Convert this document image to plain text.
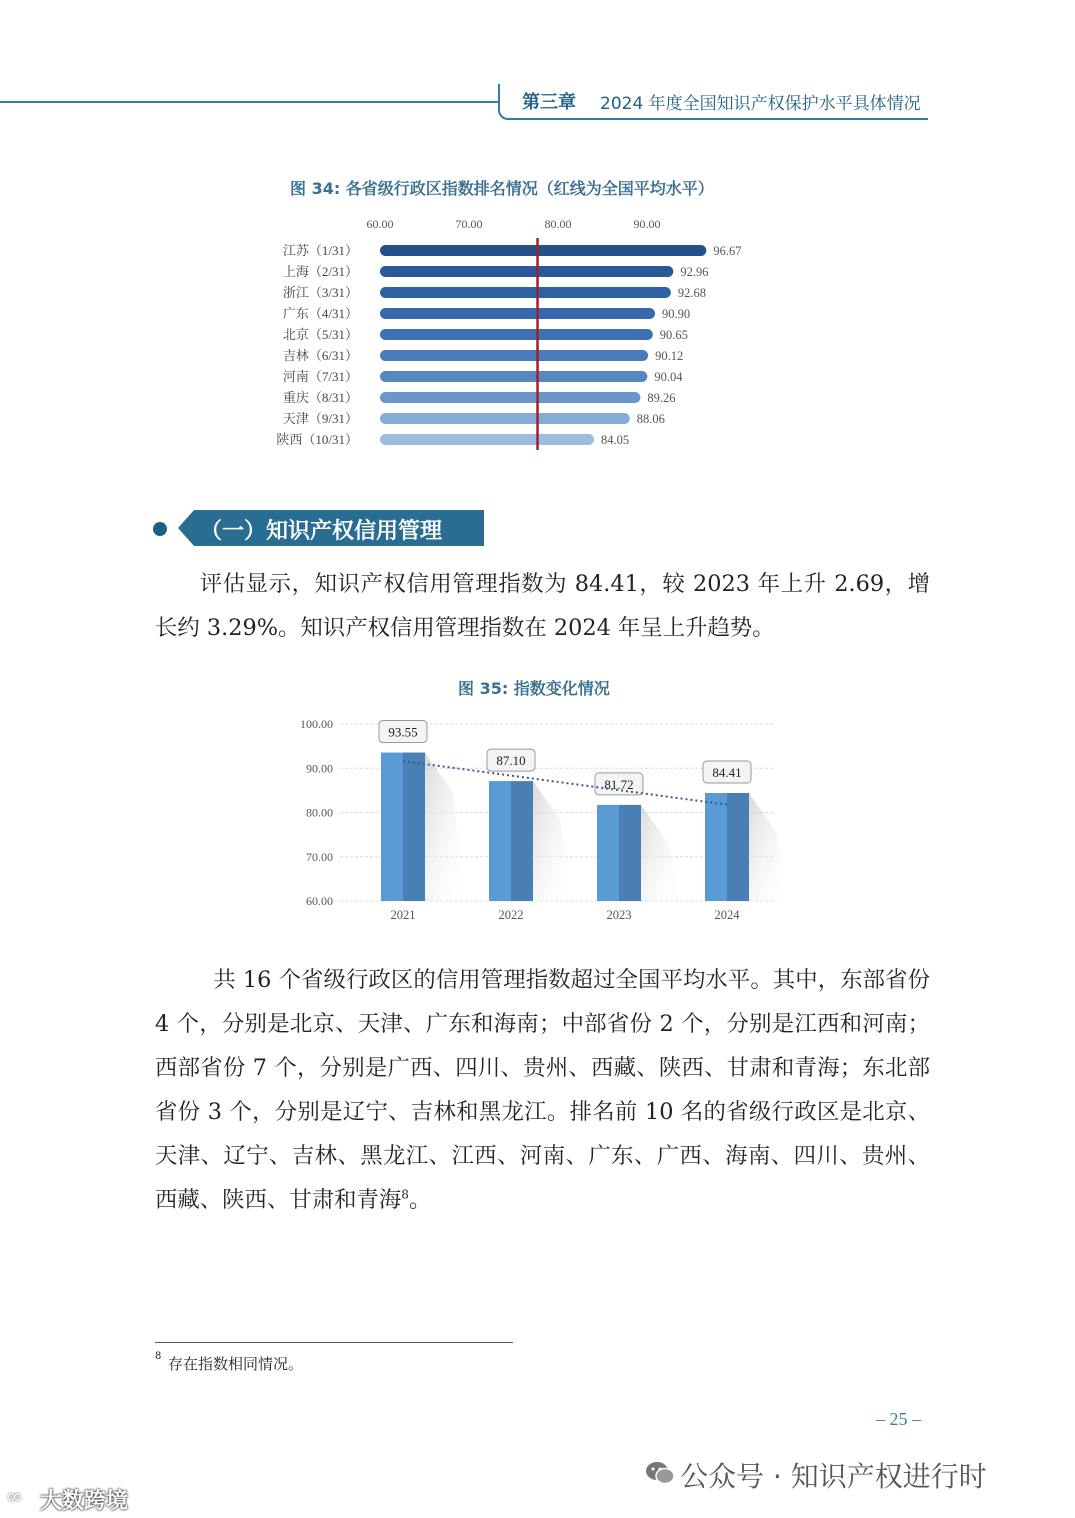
第三章 2024 年度全国知识产权保护水平具体情况
图 34: 各省级行政区指数排名情况（红线为全国平均水平）
60.00	70.00	80.00	90.00
江苏（1/31）	96.67
上海（2/31）	92.96
浙江（3/31）	92.68
广东（4/31）	90.90
北京（5/31）	90.65
吉林（6/31）	90.12
河南（7/31）	90.04
重庆（8/31）	89.26
天津（9/31）	88.06
陕西（10/31）	84.05
（一）知识产权信用管理

评估显示，知识产权信用管理指数为 84.41，较 2023 年上升 2.69，增长约 3.29%。知识产权信用管理指数在 2024 年呈上升趋势。

图 35: 指数变化情况
60.00
70.00
80.00
90.00
100.00
93.55
2021
87.10
2022
81.72
2023
84.41
2024

共 16 个省级行政区的信用管理指数超过全国平均水平。其中，东部省份 4 个，分别是北京、天津、广东和海南；中部省份 2 个，分别是江西和河南；西部省份 7 个，分别是广西、四川、贵州、西藏、陕西、甘肃和青海；东北部省份 3 个，分别是辽宁、吉林和黑龙江。排名前 10 名的省级行政区是北京、天津、辽宁、吉林、黑龙江、江西、河南、广东、广西、海南、四川、贵州、西藏、陕西、甘肃和青海$^8$。

8 存在指数相同情况。
– 25 –
公众号 · 知识产权进行时
∞ 大数跨境
